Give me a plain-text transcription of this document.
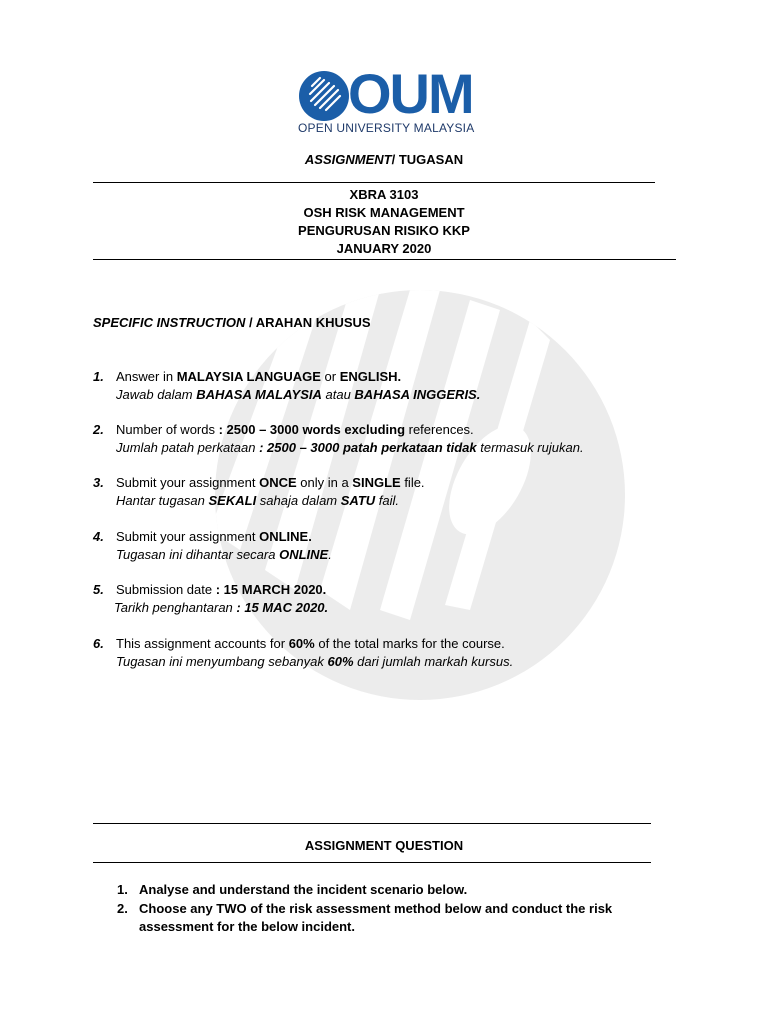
OUM
OPEN UNIVERSITY MALAYSIA
ASSIGNMENT/ TUGASAN
XBRA 3103
OSH RISK MANAGEMENT
PENGURUSAN RISIKO KKP
JANUARY 2020
SPECIFIC INSTRUCTION / ARAHAN KHUSUS
1. Answer in MALAYSIA LANGUAGE or ENGLISH.
Jawab dalam BAHASA MALAYSIA atau BAHASA INGGERIS.
2. Number of words : 2500 – 3000 words excluding references.
Jumlah patah perkataan : 2500 – 3000 patah perkataan tidak termasuk rujukan.
3. Submit your assignment ONCE only in a SINGLE file.
Hantar tugasan SEKALI sahaja dalam SATU fail.
4. Submit your assignment ONLINE.
Tugasan ini dihantar secara ONLINE.
5. Submission date : 15 MARCH 2020.
Tarikh penghantaran : 15 MAC 2020.
6. This assignment accounts for 60% of the total marks for the course.
Tugasan ini menyumbang sebanyak 60% dari jumlah markah kursus.
ASSIGNMENT QUESTION
1. Analyse and understand the incident scenario below.
2. Choose any TWO of the risk assessment method below and conduct the risk assessment for the below incident.
